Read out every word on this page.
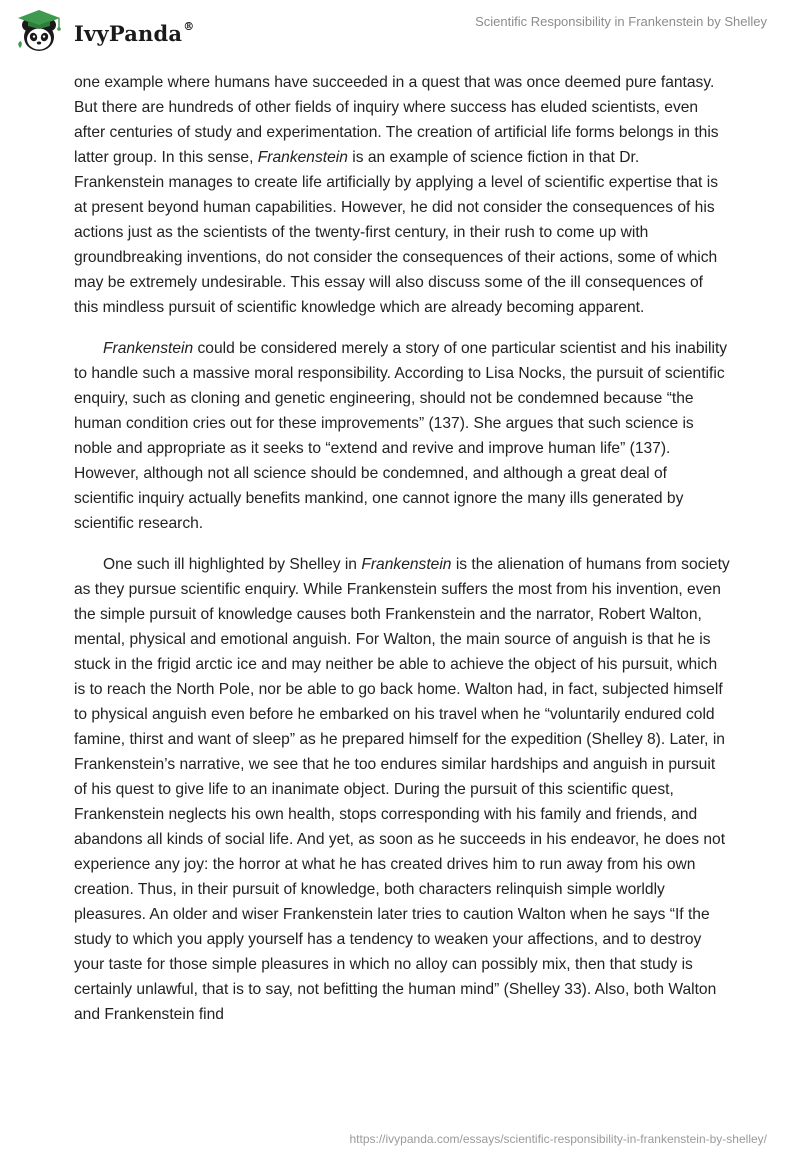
IvyPanda®	Scientific Responsibility in Frankenstein by Shelley

one example where humans have succeeded in a quest that was once deemed pure fantasy. But there are hundreds of other fields of inquiry where success has eluded scientists, even after centuries of study and experimentation. The creation of artificial life forms belongs in this latter group. In this sense, Frankenstein is an example of science fiction in that Dr. Frankenstein manages to create life artificially by applying a level of scientific expertise that is at present beyond human capabilities. However, he did not consider the consequences of his actions just as the scientists of the twenty-first century, in their rush to come up with groundbreaking inventions, do not consider the consequences of their actions, some of which may be extremely undesirable. This essay will also discuss some of the ill consequences of this mindless pursuit of scientific knowledge which are already becoming apparent.

Frankenstein could be considered merely a story of one particular scientist and his inability to handle such a massive moral responsibility. According to Lisa Nocks, the pursuit of scientific enquiry, such as cloning and genetic engineering, should not be condemned because “the human condition cries out for these improvements” (137). She argues that such science is noble and appropriate as it seeks to “extend and revive and improve human life” (137). However, although not all science should be condemned, and although a great deal of scientific inquiry actually benefits mankind, one cannot ignore the many ills generated by scientific research.

One such ill highlighted by Shelley in Frankenstein is the alienation of humans from society as they pursue scientific enquiry. While Frankenstein suffers the most from his invention, even the simple pursuit of knowledge causes both Frankenstein and the narrator, Robert Walton, mental, physical and emotional anguish. For Walton, the main source of anguish is that he is stuck in the frigid arctic ice and may neither be able to achieve the object of his pursuit, which is to reach the North Pole, nor be able to go back home. Walton had, in fact, subjected himself to physical anguish even before he embarked on his travel when he “voluntarily endured cold famine, thirst and want of sleep” as he prepared himself for the expedition (Shelley 8). Later, in Frankenstein’s narrative, we see that he too endures similar hardships and anguish in pursuit of his quest to give life to an inanimate object. During the pursuit of this scientific quest, Frankenstein neglects his own health, stops corresponding with his family and friends, and abandons all kinds of social life. And yet, as soon as he succeeds in his endeavor, he does not experience any joy: the horror at what he has created drives him to run away from his own creation. Thus, in their pursuit of knowledge, both characters relinquish simple worldly pleasures. An older and wiser Frankenstein later tries to caution Walton when he says “If the study to which you apply yourself has a tendency to weaken your affections, and to destroy your taste for those simple pleasures in which no alloy can possibly mix, then that study is certainly unlawful, that is to say, not befitting the human mind” (Shelley 33). Also, both Walton and Frankenstein find

https://ivypanda.com/essays/scientific-responsibility-in-frankenstein-by-shelley/
